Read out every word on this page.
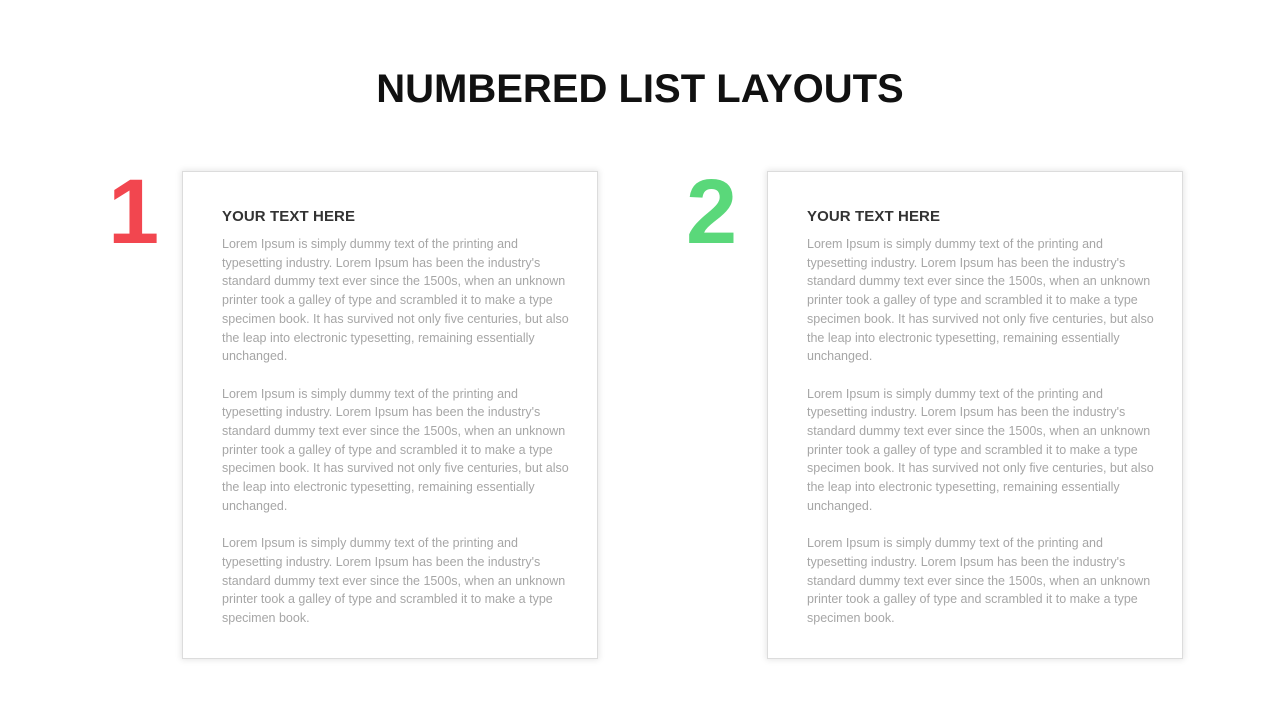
NUMBERED LIST LAYOUTS
1	YOUR TEXT HERE

Lorem Ipsum is simply dummy text of the printing and typesetting industry. Lorem Ipsum has been the industry's standard dummy text ever since the 1500s, when an unknown printer took a galley of type and scrambled it to make a type specimen book. It has survived not only five centuries, but also the leap into electronic typesetting, remaining essentially unchanged.

Lorem Ipsum is simply dummy text of the printing and typesetting industry. Lorem Ipsum has been the industry's standard dummy text ever since the 1500s, when an unknown printer took a galley of type and scrambled it to make a type specimen book. It has survived not only five centuries, but also the leap into electronic typesetting, remaining essentially unchanged.

Lorem Ipsum is simply dummy text of the printing and typesetting industry. Lorem Ipsum has been the industry's standard dummy text ever since the 1500s, when an unknown printer took a galley of type and scrambled it to make a type specimen book.

2	YOUR TEXT HERE

Lorem Ipsum is simply dummy text of the printing and typesetting industry. Lorem Ipsum has been the industry's standard dummy text ever since the 1500s, when an unknown printer took a galley of type and scrambled it to make a type specimen book. It has survived not only five centuries, but also the leap into electronic typesetting, remaining essentially unchanged.

Lorem Ipsum is simply dummy text of the printing and typesetting industry. Lorem Ipsum has been the industry's standard dummy text ever since the 1500s, when an unknown printer took a galley of type and scrambled it to make a type specimen book. It has survived not only five centuries, but also the leap into electronic typesetting, remaining essentially unchanged.

Lorem Ipsum is simply dummy text of the printing and typesetting industry. Lorem Ipsum has been the industry's standard dummy text ever since the 1500s, when an unknown printer took a galley of type and scrambled it to make a type specimen book.
